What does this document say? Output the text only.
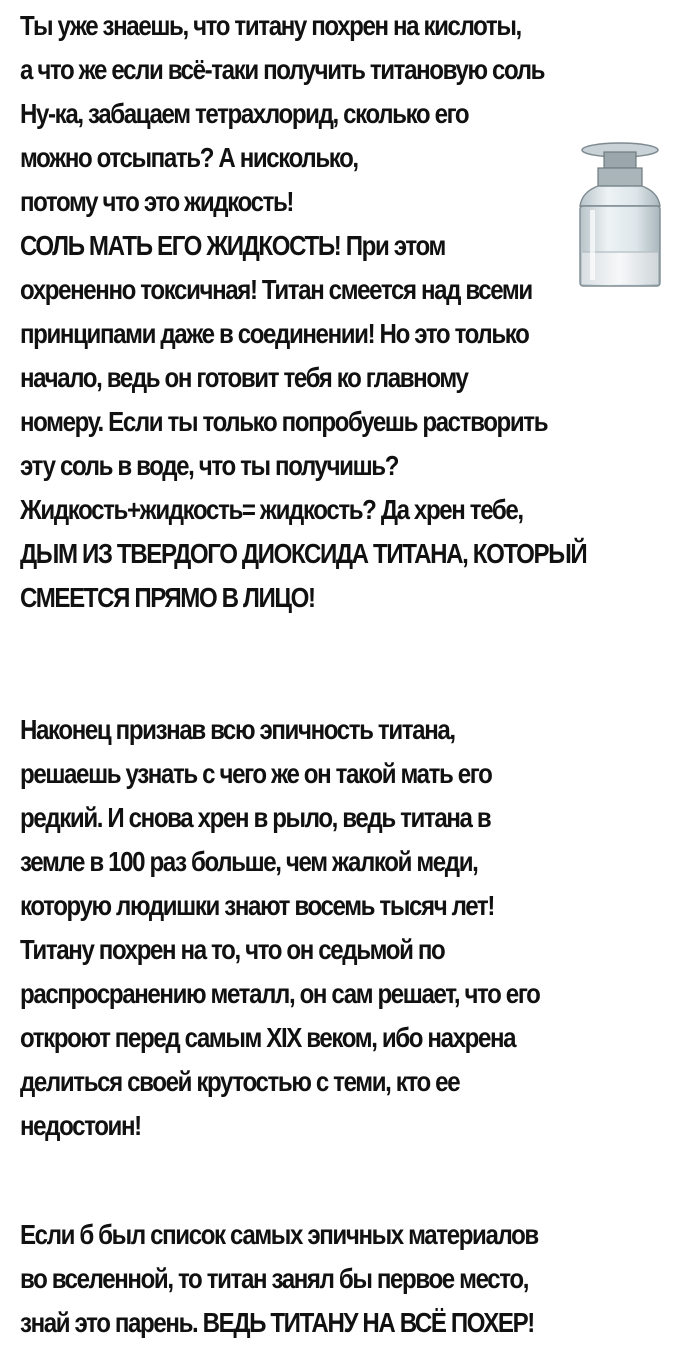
Ты уже знаешь, что титану похрен на кислоты,
а что же если всё-таки получить титановую соль
Ну-ка, забацаем тетрахлорид, сколько его
можно отсыпать? А нисколько,
потому что это жидкость!
СОЛЬ МАТЬ ЕГО ЖИДКОСТЬ! При этом
охрененно токсичная! Титан смеется над всеми
принципами даже в соединении! Но это только
начало, ведь он готовит тебя ко главному
номеру. Если ты только попробуешь растворить
эту соль в воде, что ты получишь?
Жидкость+жидкость= жидкость? Да хрен тебе,
ДЫМ ИЗ ТВЕРДОГО ДИОКСИДА ТИТАНА, КОТОРЫЙ
СМЕЕТСЯ ПРЯМО В ЛИЦО!
Наконец признав всю эпичность титана,
решаешь узнать с чего же он такой мать его
редкий. И снова хрен в рыло, ведь титана в
земле в 100 раз больше, чем жалкой меди,
которую людишки знают восемь тысяч лет!
Титану похрен на то, что он седьмой по
распросранению металл, он сам решает, что его
откроют перед самым XIX веком, ибо нахрена
делиться своей крутостью с теми, кто ее
недостоин!
Если б был список самых эпичных материалов
во вселенной, то титан занял бы первое место,
знай это парень. ВЕДЬ ТИТАНУ НА ВСЁ ПОХЕР!
